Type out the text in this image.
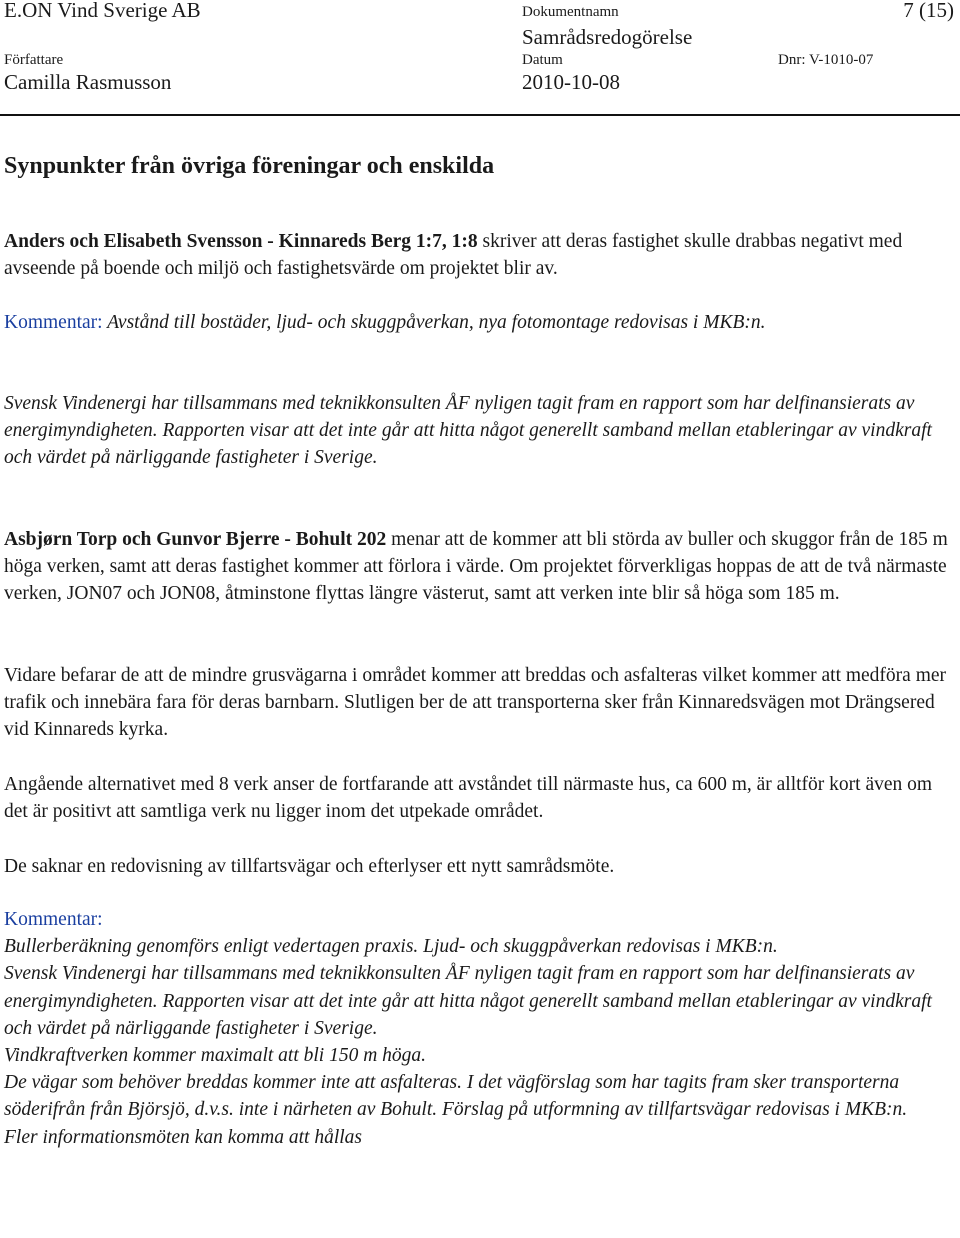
E.ON Vind Sverige AB	Dokumentnamn	7 (15)
Författare
Samrådsredogörelse
Datum	Dnr: V-1010-07
Camilla Rasmusson	2010-10-08
Synpunkter från övriga föreningar och enskilda

Anders och Elisabeth Svensson - Kinnareds Berg 1:7, 1:8 skriver att deras fastighet skulle drabbas negativt med avseende på boende och miljö och fastighetsvärde om projektet blir av.

Kommentar: Avstånd till bostäder, ljud- och skuggpåverkan, nya fotomontage redovisas i MKB:n.

Svensk Vindenergi har tillsammans med teknikkonsulten ÅF nyligen tagit fram en rapport som har delfinansierats av energimyndigheten. Rapporten visar att det inte går att hitta något generellt samband mellan etableringar av vindkraft och värdet på närliggande fastigheter i Sverige.

Asbjørn Torp och Gunvor Bjerre - Bohult 202 menar att de kommer att bli störda av buller och skuggor från de 185 m höga verken, samt att deras fastighet kommer att förlora i värde. Om projektet förverkligas hoppas de att de två närmaste verken, JON07 och JON08, åtminstone flyttas längre västerut, samt att verken inte blir så höga som 185 m.

Vidare befarar de att de mindre grusvägarna i området kommer att breddas och asfalteras vilket kommer att medföra mer trafik och innebära fara för deras barnbarn. Slutligen ber de att transporterna sker från Kinnaredsvägen mot Drängsered vid Kinnareds kyrka.

Angående alternativet med 8 verk anser de fortfarande att avståndet till närmaste hus, ca 600 m, är alltför kort även om det är positivt att samtliga verk nu ligger inom det utpekade området.

De saknar en redovisning av tillfartsvägar och efterlyser ett nytt samrådsmöte.

Kommentar:
Bullerberäkning genomförs enligt vedertagen praxis. Ljud- och skuggpåverkan redovisas i MKB:n.
Svensk Vindenergi har tillsammans med teknikkonsulten ÅF nyligen tagit fram en rapport som har delfinansierats av energimyndigheten. Rapporten visar att det inte går att hitta något generellt samband mellan etableringar av vindkraft och värdet på närliggande fastigheter i Sverige.
Vindkraftverken kommer maximalt att bli 150 m höga.
De vägar som behöver breddas kommer inte att asfalteras. I det vägförslag som har tagits fram sker transporterna söderifrån från Björsjö, d.v.s. inte i närheten av Bohult. Förslag på utformning av tillfartsvägar redovisas i MKB:n.
Fler informationsmöten kan komma att hållas
